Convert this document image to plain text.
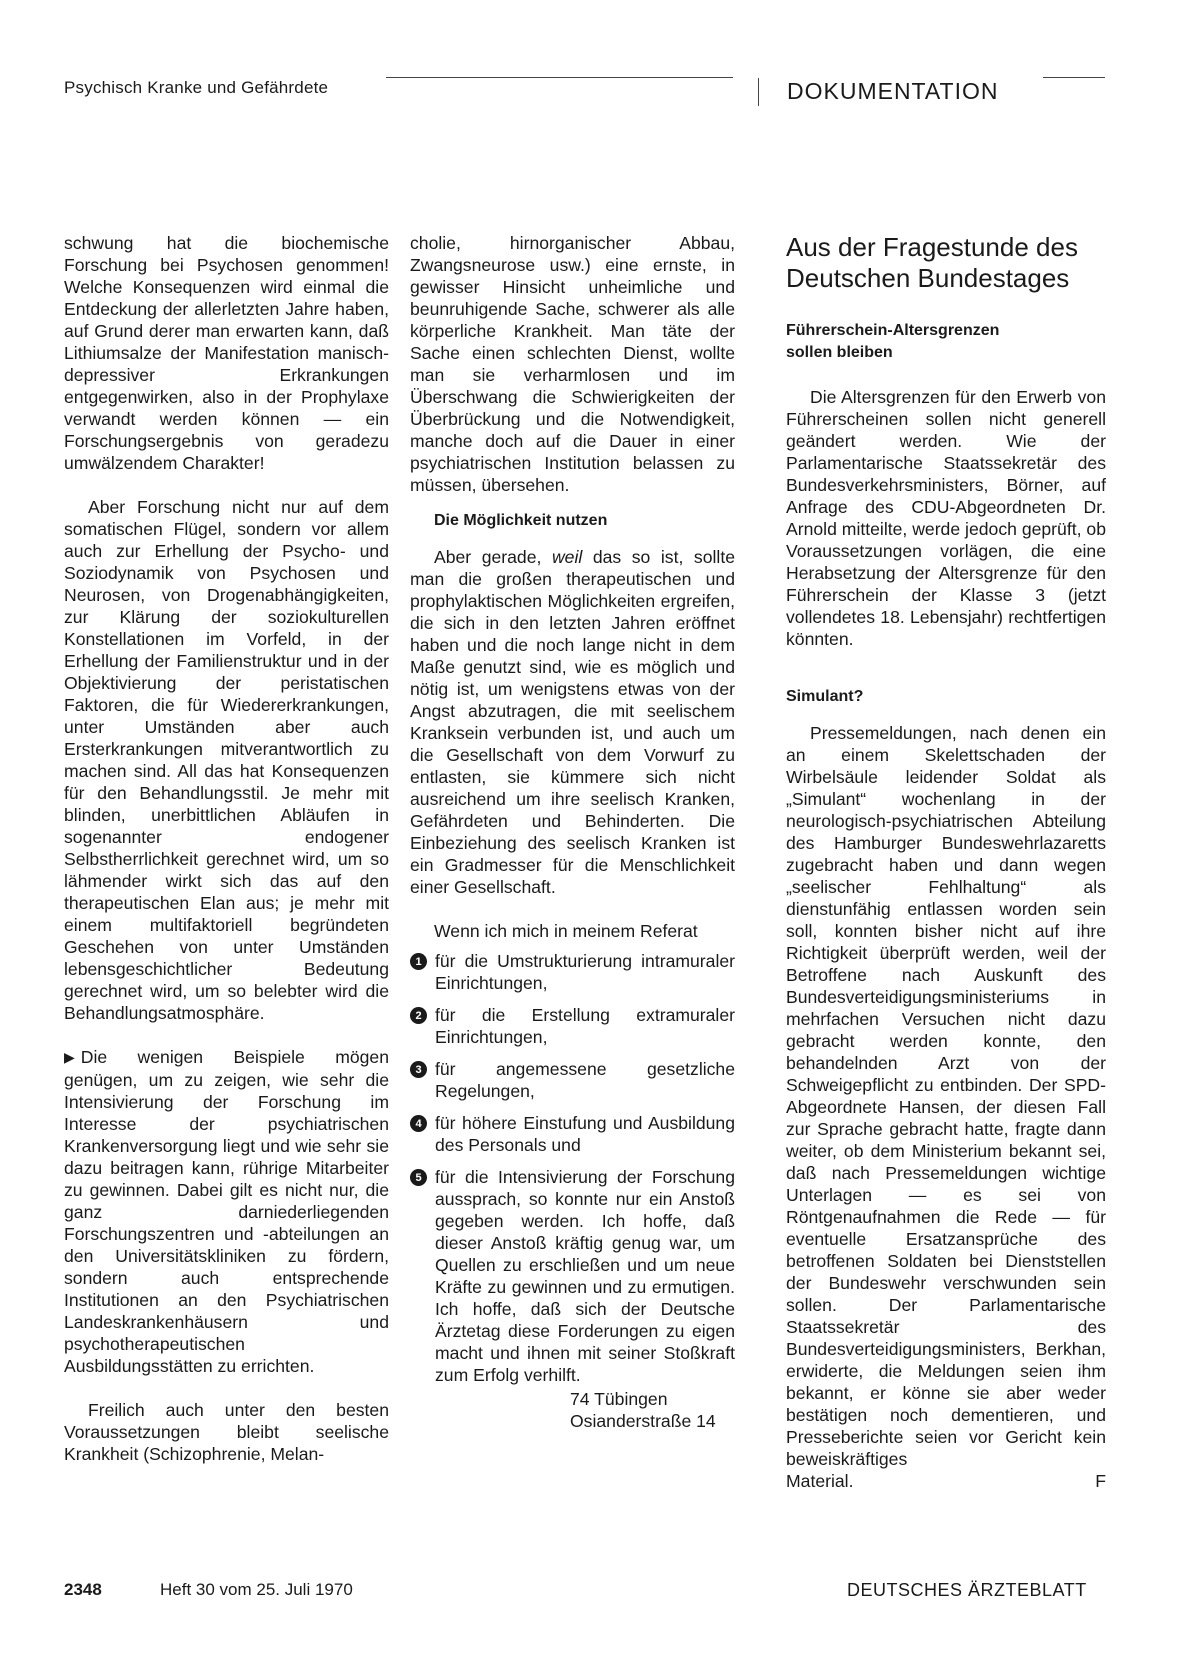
Psychisch Kranke und Gefährdete	DOKUMENTATION

schwung hat die biochemische Forschung bei Psychosen genommen! Welche Konsequenzen wird einmal die Entdeckung der allerletzten Jahre haben, auf Grund derer man erwarten kann, daß Lithiumsalze der Manifestation manisch-depressiver Erkrankungen entgegenwirken, also in der Prophylaxe verwandt werden können — ein Forschungsergebnis von geradezu umwälzendem Charakter!

Aber Forschung nicht nur auf dem somatischen Flügel, sondern vor allem auch zur Erhellung der Psycho- und Soziodynamik von Psychosen und Neurosen, von Drogenabhängigkeiten, zur Klärung der soziokulturellen Konstellationen im Vorfeld, in der Erhellung der Familienstruktur und in der Objektivierung der peristatischen Faktoren, die für Wiedererkrankungen, unter Umständen aber auch Ersterkrankungen mitverantwortlich zu machen sind. All das hat Konsequenzen für den Behandlungsstil. Je mehr mit blinden, unerbittlichen Abläufen in sogenannter endogener Selbstherrlichkeit gerechnet wird, um so lähmender wirkt sich das auf den therapeutischen Elan aus; je mehr mit einem multifaktoriell begründeten Geschehen von unter Umständen lebensgeschichtlicher Bedeutung gerechnet wird, um so belebter wird die Behandlungsatmosphäre.

▶ Die wenigen Beispiele mögen genügen, um zu zeigen, wie sehr die Intensivierung der Forschung im Interesse der psychiatrischen Krankenversorgung liegt und wie sehr sie dazu beitragen kann, rührige Mitarbeiter zu gewinnen. Dabei gilt es nicht nur, die ganz darniederliegenden Forschungszentren und -abteilungen an den Universitätskliniken zu fördern, sondern auch entsprechende Institutionen an den Psychiatrischen Landeskrankenhäusern und psychotherapeutischen Ausbildungsstätten zu errichten.

Freilich auch unter den besten Voraussetzungen bleibt seelische Krankheit (Schizophrenie, Melan-

cholie, hirnorganischer Abbau, Zwangsneurose usw.) eine ernste, in gewisser Hinsicht unheimliche und beunruhigende Sache, schwerer als alle körperliche Krankheit. Man täte der Sache einen schlechten Dienst, wollte man sie verharmlosen und im Überschwang die Schwierigkeiten der Überbrückung und die Notwendigkeit, manche doch auf die Dauer in einer psychiatrischen Institution belassen zu müssen, übersehen.

Die Möglichkeit nutzen

Aber gerade, weil das so ist, sollte man die großen therapeutischen und prophylaktischen Möglichkeiten ergreifen, die sich in den letzten Jahren eröffnet haben und die noch lange nicht in dem Maße genutzt sind, wie es möglich und nötig ist, um wenigstens etwas von der Angst abzutragen, die mit seelischem Kranksein verbunden ist, und auch um die Gesellschaft von dem Vorwurf zu entlasten, sie kümmere sich nicht ausreichend um ihre seelisch Kranken, Gefährdeten und Behinderten. Die Einbeziehung des seelisch Kranken ist ein Gradmesser für die Menschlichkeit einer Gesellschaft.

Wenn ich mich in meinem Referat

1 für die Umstrukturierung intramuraler Einrichtungen,
2 für die Erstellung extramuraler Einrichtungen,
3 für angemessene gesetzliche Regelungen,
4 für höhere Einstufung und Ausbildung des Personals und
5 für die Intensivierung der Forschung aussprach, so konnte nur ein Anstoß gegeben werden. Ich hoffe, daß dieser Anstoß kräftig genug war, um Quellen zu erschließen und um neue Kräfte zu gewinnen und zu ermutigen. Ich hoffe, daß sich der Deutsche Ärztetag diese Forderungen zu eigen macht und ihnen mit seiner Stoßkraft zum Erfolg verhilft.

74 Tübingen

Osianderstraße 14

Aus der Fragestunde des Deutschen Bundestages

Führerschein-Altersgrenzen sollen bleiben

Die Altersgrenzen für den Erwerb von Führerscheinen sollen nicht generell geändert werden. Wie der Parlamentarische Staatssekretär des Bundesverkehrsministers, Börner, auf Anfrage des CDU-Abgeordneten Dr. Arnold mitteilte, werde jedoch geprüft, ob Voraussetzungen vorlägen, die eine Herabsetzung der Altersgrenze für den Führerschein der Klasse 3 (jetzt vollendetes 18. Lebensjahr) rechtfertigen könnten.

Simulant?

Pressemeldungen, nach denen ein an einem Skelettschaden der Wirbelsäule leidender Soldat als „Simulant“ wochenlang in der neurologisch-psychiatrischen Abteilung des Hamburger Bundeswehrlazaretts zugebracht haben und dann wegen „seelischer Fehlhaltung“ als dienstunfähig entlassen worden sein soll, konnten bisher nicht auf ihre Richtigkeit überprüft werden, weil der Betroffene nach Auskunft des Bundesverteidigungsministeriums in mehrfachen Versuchen nicht dazu gebracht werden konnte, den behandelnden Arzt von der Schweigepflicht zu entbinden. Der SPD-Abgeordnete Hansen, der diesen Fall zur Sprache gebracht hatte, fragte dann weiter, ob dem Ministerium bekannt sei, daß nach Pressemeldungen wichtige Unterlagen — es sei von Röntgenaufnahmen die Rede — für eventuelle Ersatzansprüche des betroffenen Soldaten bei Dienststellen der Bundeswehr verschwunden sein sollen. Der Parlamentarische Staatssekretär des Bundesverteidigungsministers, Berkhan, erwiderte, die Meldungen seien ihm bekannt, er könne sie aber weder bestätigen noch dementieren, und Presseberichte seien vor Gericht kein beweiskräftiges

Material.	F
2348	Heft 30 vom 25. Juli 1970	DEUTSCHES ÄRZTEBLATT
